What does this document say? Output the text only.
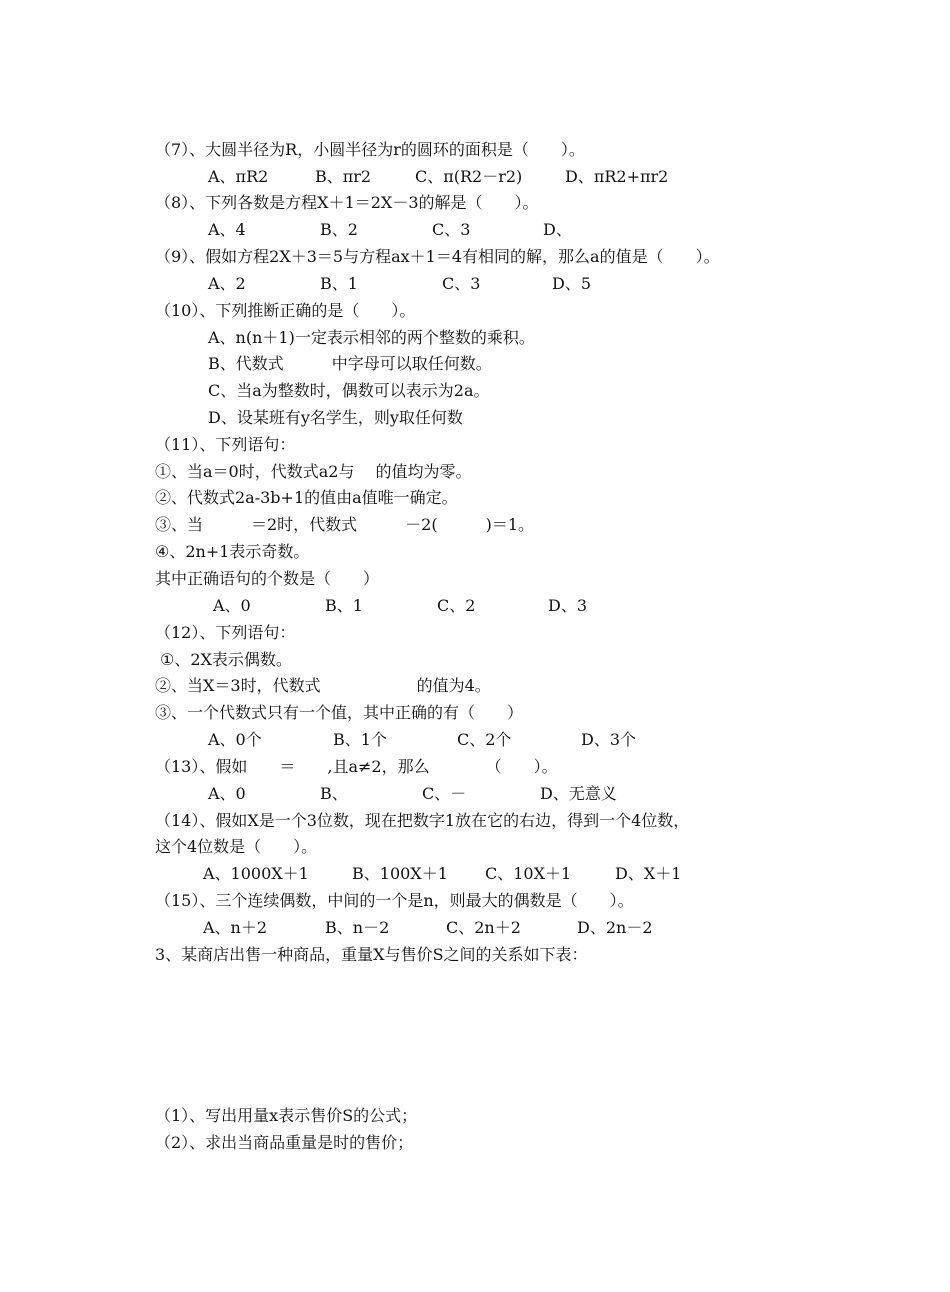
（7）、大圆半径为R，小圆半径为r的圆环的面积是（　　）。
A、πR2	B、πr2	C、π(R2－r2)	D、πR2+πr2
（8）、下列各数是方程X＋1＝2X－3的解是（　　）。
A、4	B、2	C、3	D、
（9）、假如方程2X＋3＝5与方程ax＋1＝4有相同的解，那么a的值是（　　）。
A、2	B、1	C、3	D、5
（10）、下列推断正确的是（　　）。
A、n(n＋1)一定表示相邻的两个整数的乘积。
B、代数式　　　中字母可以取任何数。
C、当a为整数时，偶数可以表示为2a。
D、设某班有y名学生，则y取任何数
（11）、下列语句：
①、当a＝0时，代数式a2与　 的值均为零。
②、代数式2a-3b+1的值由a值唯一确定。
③、当　　　＝2时，代数式　　　－2(　　　)＝1。
④、2n+1表示奇数。
其中正确语句的个数是（　　）
A、0	B、1	C、2	D、3
（12）、下列语句：
①、2X表示偶数。
②、当X＝3时，代数式　　　　　　的值为4。
③、一个代数式只有一个值，其中正确的有（　　）
A、0个	B、1个	C、2个	D、3个
（13）、假如　　＝　　,且a≠2，那么　　　　（　　）。
A、0	B、	C、－	D、无意义
（14）、假如X是一个3位数，现在把数字1放在它的右边，得到一个4位数，
这个4位数是（　　）。
A、1000X＋1	B、100X＋1 C、10X＋1	D、X＋1
（15）、三个连续偶数，中间的一个是n，则最大的偶数是（　　）。
A、n＋2	B、n－2	C、2n＋2	D、2n－2
3、某商店出售一种商品，重量X与售价S之间的关系如下表：
（1）、写出用量x表示售价S的公式；
（2）、求出当商品重量是时的售价；
